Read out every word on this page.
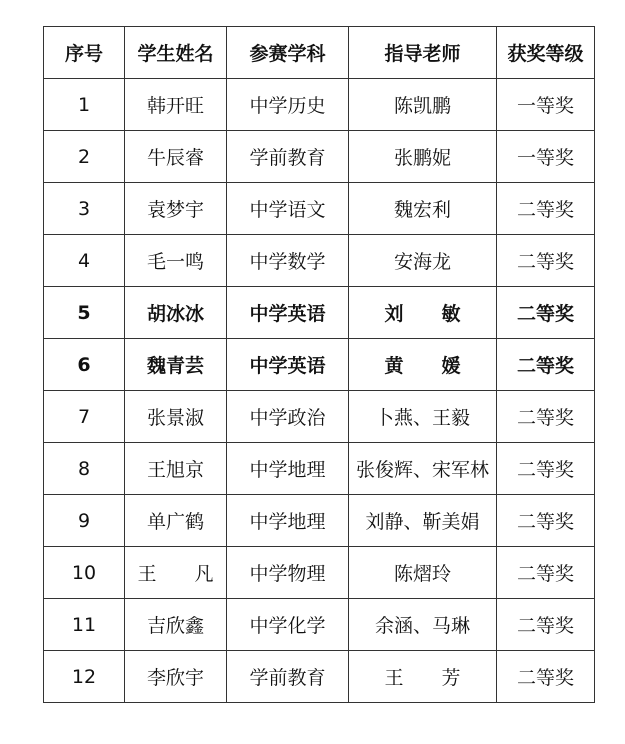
序号	学生姓名	参赛学科	指导老师	获奖等级
1	韩开旺	中学历史	陈凯鹏	一等奖
2	牛辰睿	学前教育	张鹏妮	一等奖
3	袁梦宇	中学语文	魏宏利	二等奖
4	毛一鸣	中学数学	安海龙	二等奖
5	胡冰冰	中学英语	刘　　敏	二等奖
6	魏青芸	中学英语	黄　　媛	二等奖
7	张景淑	中学政治	卜燕、王毅	二等奖
8	王旭京	中学地理	张俊辉、宋军林	二等奖
9	单广鹤	中学地理	刘静、靳美娟	二等奖
10	王　　凡	中学物理	陈熠玲	二等奖
11	吉欣鑫	中学化学	余涵、马琳	二等奖
12	李欣宇	学前教育	王　　芳	二等奖
